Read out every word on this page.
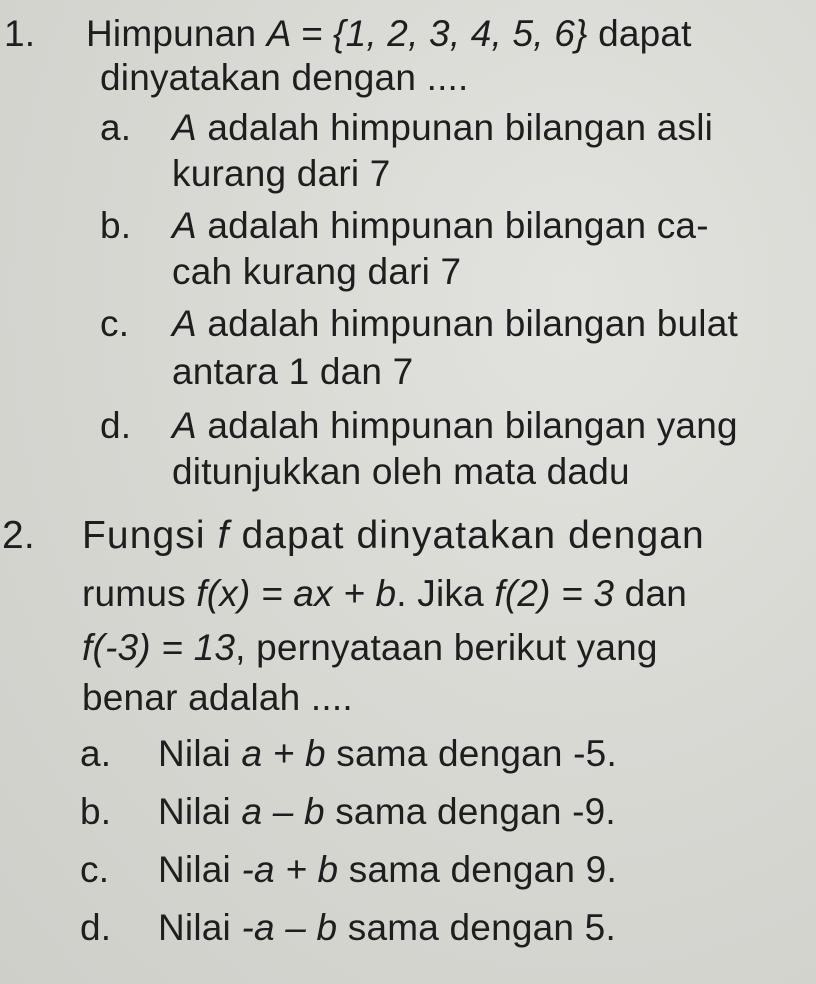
1. Himpunan A = {1, 2, 3, 4, 5, 6} dapat
dinyatakan dengan ....
a. A adalah himpunan bilangan asli
kurang dari 7
b. A adalah himpunan bilangan ca-
cah kurang dari 7
c. A adalah himpunan bilangan bulat
antara 1 dan 7
d. A adalah himpunan bilangan yang
ditunjukkan oleh mata dadu
2. Fungsi f dapat dinyatakan dengan
rumus f(x) = ax + b. Jika f(2) = 3 dan
f(-3) = 13, pernyataan berikut yang
benar adalah ....
a. Nilai a + b sama dengan -5.
b. Nilai a – b sama dengan -9.
c. Nilai -a + b sama dengan 9.
d. Nilai -a – b sama dengan 5.
